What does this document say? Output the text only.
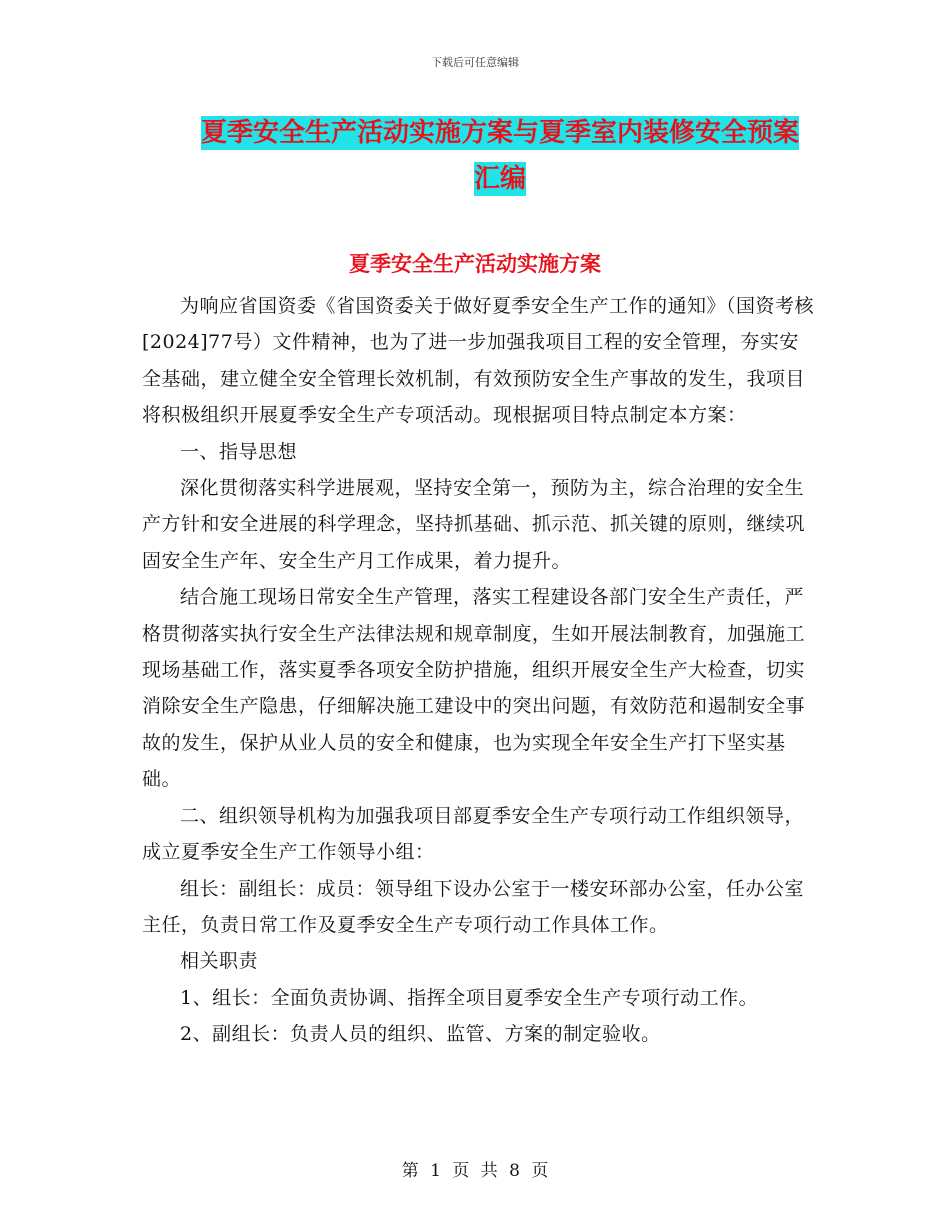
下载后可任意编辑
夏季安全生产活动实施方案与夏季室内装修安全预案
汇编
夏季安全生产活动实施方案

为响应省国资委《省国资委关于做好夏季安全生产工作的通知》（国资考核[2024]77号）文件精神，也为了进一步加强我项目工程的安全管理，夯实安全基础，建立健全安全管理长效机制，有效预防安全生产事故的发生，我项目将积极组织开展夏季安全生产专项活动。现根据项目特点制定本方案：

一、指导思想

深化贯彻落实科学进展观，坚持安全第一，预防为主，综合治理的安全生产方针和安全进展的科学理念，坚持抓基础、抓示范、抓关键的原则，继续巩固安全生产年、安全生产月工作成果，着力提升。

结合施工现场日常安全生产管理，落实工程建设各部门安全生产责任，严格贯彻落实执行安全生产法律法规和规章制度，生如开展法制教育，加强施工现场基础工作，落实夏季各项安全防护措施，组织开展安全生产大检查，切实消除安全生产隐患，仔细解决施工建设中的突出问题，有效防范和遏制安全事故的发生，保护从业人员的安全和健康，也为实现全年安全生产打下坚实基础。

二、组织领导机构为加强我项目部夏季安全生产专项行动工作组织领导，成立夏季安全生产工作领导小组：

组长：副组长：成员：领导组下设办公室于一楼安环部办公室，任办公室主任，负责日常工作及夏季安全生产专项行动工作具体工作。

相关职责

1、组长：全面负责协调、指挥全项目夏季安全生产专项行动工作。

2、副组长：负责人员的组织、监管、方案的制定验收。

第 1 页 共 8 页
